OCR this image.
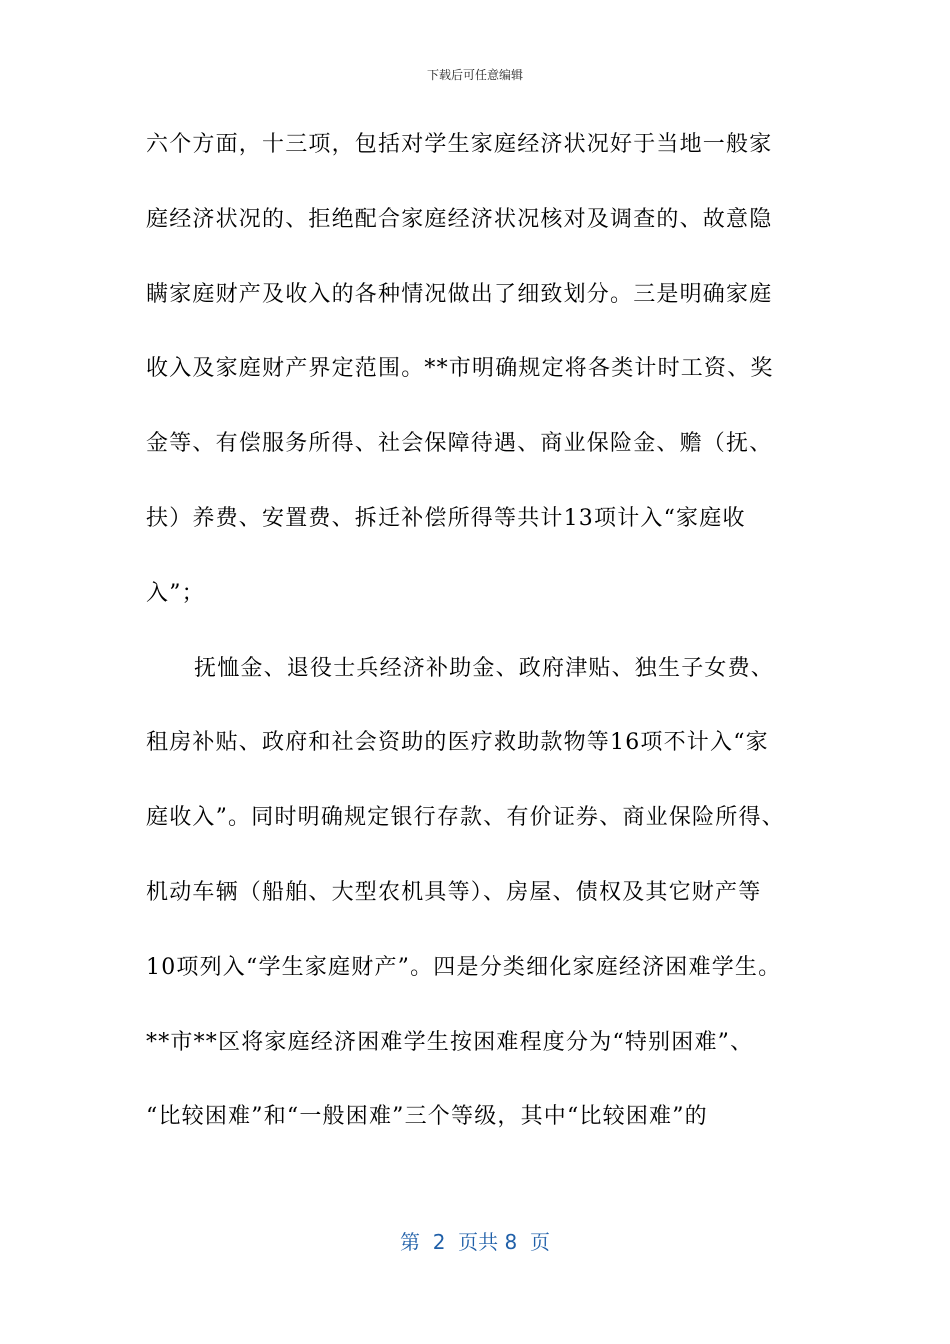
下载后可任意编辑
六个方面，十三项，包括对学生家庭经济状况好于当地一般家
庭经济状况的、拒绝配合家庭经济状况核对及调查的、故意隐
瞒家庭财产及收入的各种情况做出了细致划分。三是明确家庭
收入及家庭财产界定范围。**市明确规定将各类计时工资、奖
金等、有偿服务所得、社会保障待遇、商业保险金、赡（抚、
扶）养费、安置费、拆迁补偿所得等共计13项计入“家庭收
入”；
抚恤金、退役士兵经济补助金、政府津贴、独生子女费、
租房补贴、政府和社会资助的医疗救助款物等16项不计入“家
庭收入”。同时明确规定银行存款、有价证券、商业保险所得、
机动车辆（船舶、大型农机具等）、房屋、债权及其它财产等
10项列入“学生家庭财产”。四是分类细化家庭经济困难学生。
**市**区将家庭经济困难学生按困难程度分为“特别困难”、
“比较困难”和“一般困难”三个等级，其中“比较困难”的
第  2  页共 8  页
